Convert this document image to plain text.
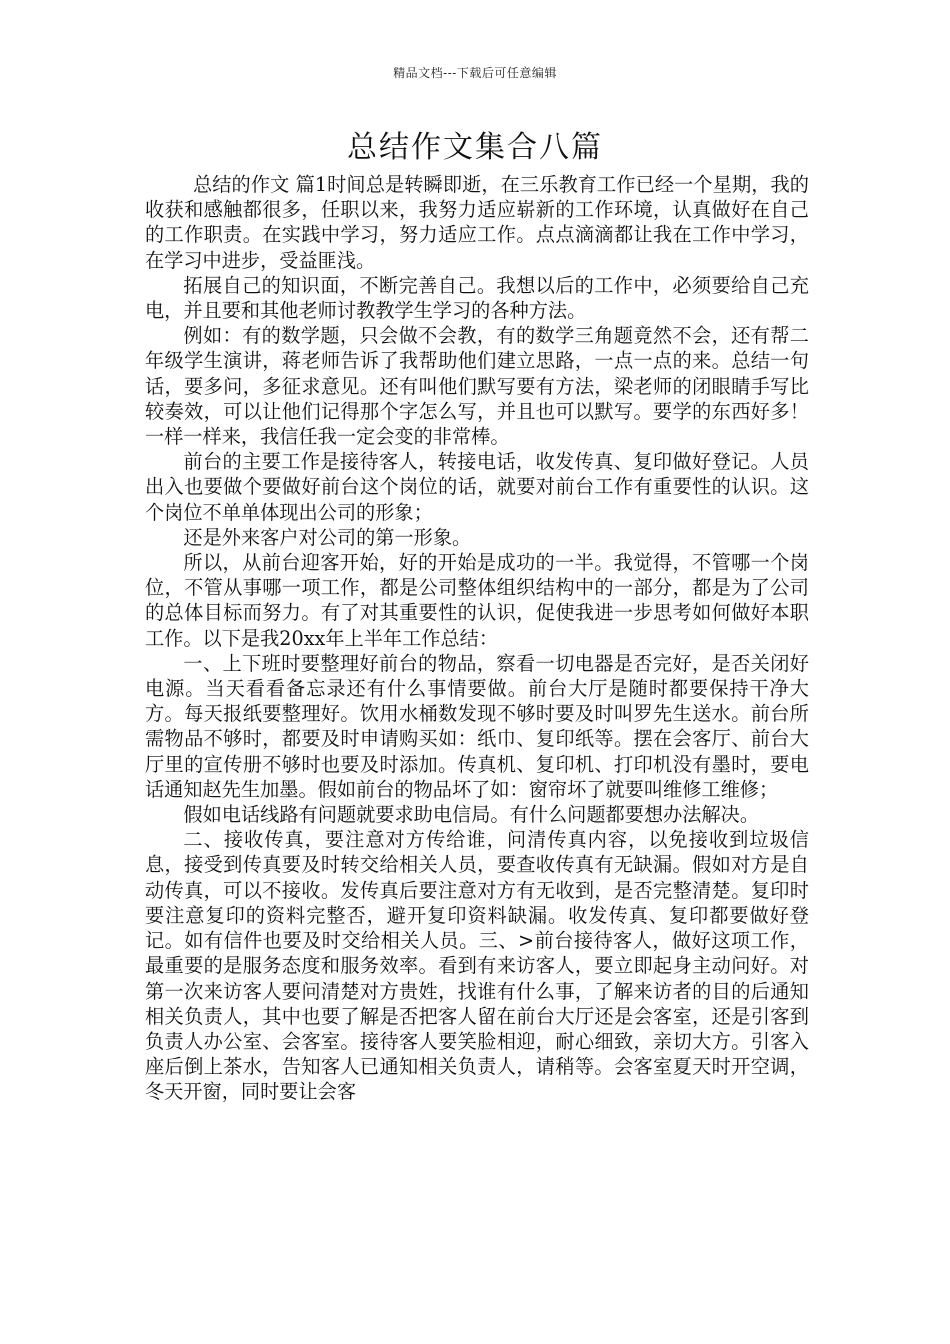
精品文档---下载后可任意编辑
总结作文集合八篇

总结的作文 篇1时间总是转瞬即逝，在三乐教育工作已经一个星期，我的收获和感触都很多，任职以来，我努力适应崭新的工作环境，认真做好在自己的工作职责。在实践中学习，努力适应工作。点点滴滴都让我在工作中学习，在学习中进步，受益匪浅。

拓展自己的知识面，不断完善自己。我想以后的工作中，必须要给自己充电，并且要和其他老师讨教教学生学习的各种方法。

例如：有的数学题，只会做不会教，有的数学三角题竟然不会，还有帮二年级学生演讲，蒋老师告诉了我帮助他们建立思路，一点一点的来。总结一句话，要多问，多征求意见。还有叫他们默写要有方法，梁老师的闭眼睛手写比较奏效，可以让他们记得那个字怎么写，并且也可以默写。要学的东西好多！一样一样来，我信任我一定会变的非常棒。

前台的主要工作是接待客人，转接电话，收发传真、复印做好登记。人员出入也要做个要做好前台这个岗位的话，就要对前台工作有重要性的认识。这个岗位不单单体现出公司的形象；

还是外来客户对公司的第一形象。

所以，从前台迎客开始，好的开始是成功的一半。我觉得，不管哪一个岗位，不管从事哪一项工作，都是公司整体组织结构中的一部分，都是为了公司的总体目标而努力。有了对其重要性的认识，促使我进一步思考如何做好本职工作。以下是我20xx年上半年工作总结：

一、上下班时要整理好前台的物品，察看一切电器是否完好，是否关闭好电源。当天看看备忘录还有什么事情要做。前台大厅是随时都要保持干净大方。每天报纸要整理好。饮用水桶数发现不够时要及时叫罗先生送水。前台所需物品不够时，都要及时申请购买如：纸巾、复印纸等。摆在会客厅、前台大厅里的宣传册不够时也要及时添加。传真机、复印机、打印机没有墨时，要电话通知赵先生加墨。假如前台的物品坏了如：窗帘坏了就要叫维修工维修；

假如电话线路有问题就要求助电信局。有什么问题都要想办法解决。

二、接收传真，要注意对方传给谁，问清传真内容，以免接收到垃圾信息，接受到传真要及时转交给相关人员，要查收传真有无缺漏。假如对方是自动传真，可以不接收。发传真后要注意对方有无收到，是否完整清楚。复印时要注意复印的资料完整否，避开复印资料缺漏。收发传真、复印都要做好登记。如有信件也要及时交给相关人员。三、>前台接待客人，做好这项工作，最重要的是服务态度和服务效率。看到有来访客人，要立即起身主动问好。对第一次来访客人要问清楚对方贵姓，找谁有什么事，了解来访者的目的后通知相关负责人，其中也要了解是否把客人留在前台大厅还是会客室，还是引客到负责人办公室、会客室。接待客人要笑脸相迎，耐心细致，亲切大方。引客入座后倒上茶水，告知客人已通知相关负责人，请稍等。会客室夏天时开空调，冬天开窗，同时要让会客
